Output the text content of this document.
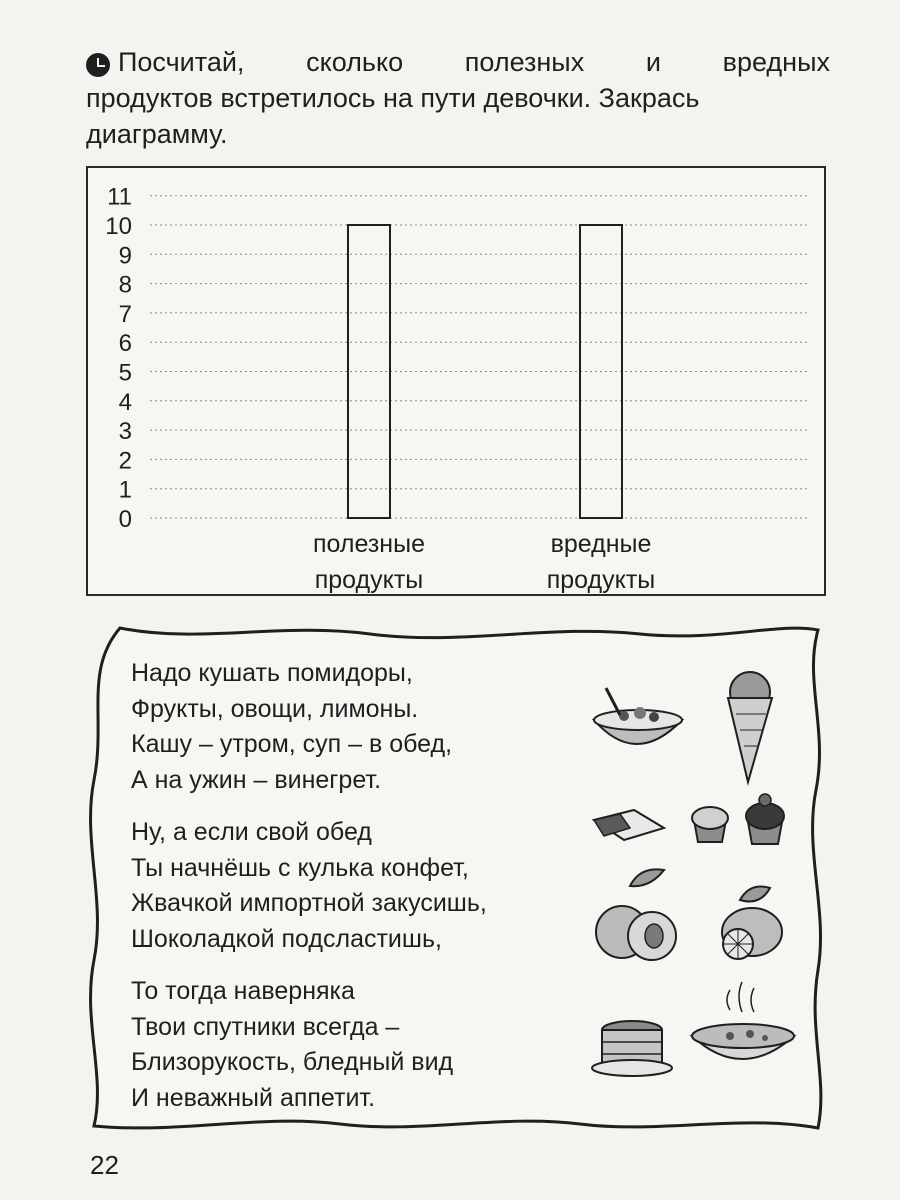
Посчитай, сколько полезных и вредных
продуктов встретилось на пути девочки. Закрась
диаграмму.
0
1
2
3
4
5
6
7
8
9
10
11
полезные
продукты
вредные
продукты
Надо кушать помидоры,
Фрукты, овощи, лимоны.
Кашу – утром, суп – в обед,
А на ужин – винегрет.
Ну, а если свой обед
Ты начнёшь с кулька конфет,
Жвачкой импортной закусишь,
Шоколадкой подсластишь,
То тогда наверняка
Твои спутники всегда –
Близорукость, бледный вид
И неважный аппетит.
22
